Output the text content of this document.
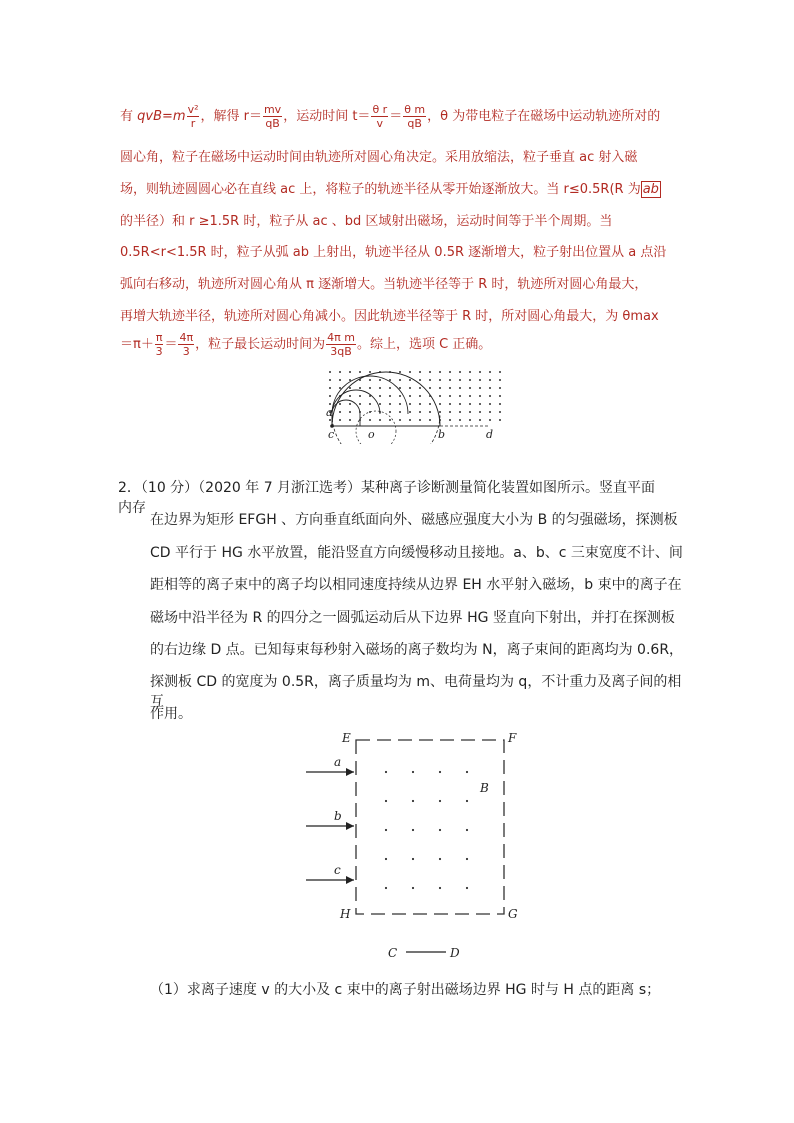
有 $qvB=m \frac{\text{v²}}{r}$ ，解得 $r= \frac{mv}{qB}$ ，运动时间 $t= \frac{\text{θ r}}{v} = \frac{\text{θ m}}{qB}$ ，θ 为带电粒子在磁场中运动轨迹所对的
圆心角，粒子在磁场中运动时间由轨迹所对圆心角决定。采用放缩法，粒子垂直 ac 射入磁
场，则轨迹圆圆心必在直线 ac 上，将粒子的轨迹半径从零开始逐渐放大。当 r≤0.5R(R 为 ab
的半径）和 r ≥1.5R 时，粒子从 ac 、bd 区域射出磁场，运动时间等于半个周期。当
0.5R<r<1.5R 时，粒子从弧 ab 上射出，轨迹半径从 0.5R 逐渐增大，粒子射出位置从 a 点沿
弧向右移动，轨迹所对圆心角从 π 逐渐增大。当轨迹半径等于 R 时，轨迹所对圆心角最大，
再增大轨迹半径，轨迹所对圆心角减小。因此轨迹半径等于 R 时，所对圆心角最大，为 θmax
$=\pi+ \frac{\pi}{3} = \frac{4\pi}{3}$ ，粒子最长运动时间为 $\frac{\text{4π m}}{3qB}$ 。综上，选项 C 正确。
a
c	o	b	d
2．（10 分）（2020 年 7 月浙江选考）某种离子诊断测量简化装置如图所示。竖直平面内存
在边界为矩形 EFGH 、方向垂直纸面向外、磁感应强度大小为 B 的匀强磁场，探测板
CD 平行于 HG 水平放置，能沿竖直方向缓慢移动且接地。a、b、c 三束宽度不计、间
距相等的离子束中的离子均以相同速度持续从边界 EH 水平射入磁场，b 束中的离子在
磁场中沿半径为 R 的四分之一圆弧运动后从下边界 HG 竖直向下射出，并打在探测板
的右边缘 D 点。已知每束每秒射入磁场的离子数均为 N，离子束间的距离均为 0.6R，
探测板 CD 的宽度为 0.5R，离子质量均为 m、电荷量均为 q，不计重力及离子间的相互
作用。
E	F
G
H
a
b
c
B
C	D
（1）求离子速度 v 的大小及 c 束中的离子射出磁场边界 HG 时与 H 点的距离 s；
